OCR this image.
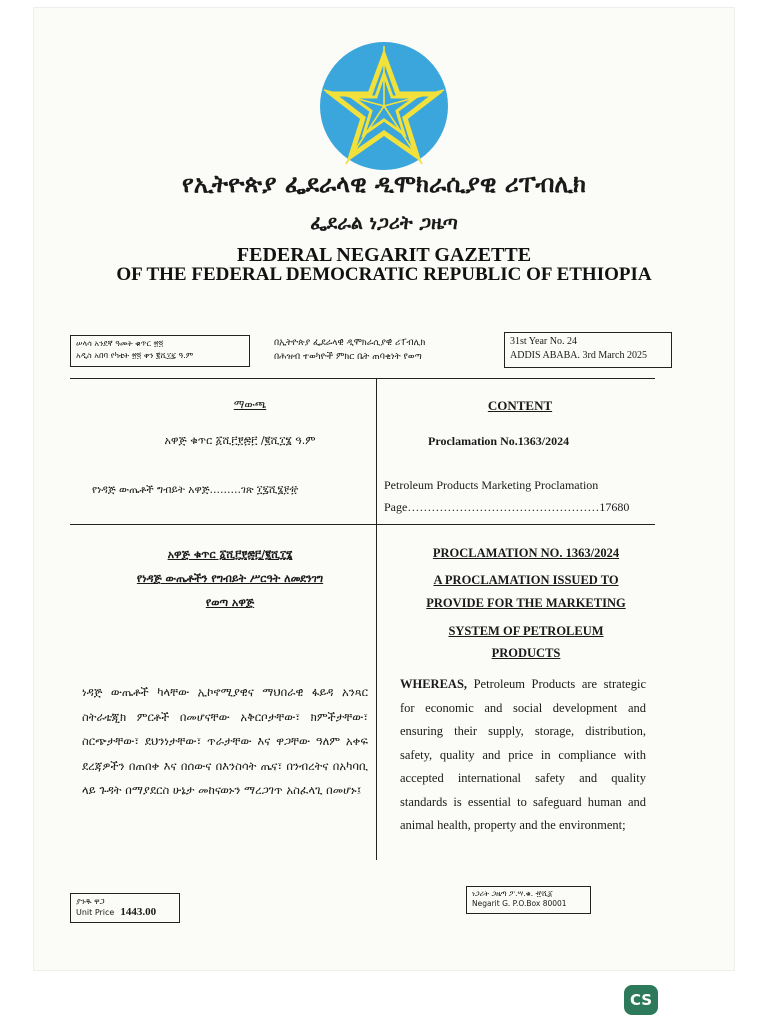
የኢትዮጵያ ፌደራላዊ ዲሞክራሲያዊ ሪፐብሊክ
ፌደራል ነጋሪት ጋዜጣ
FEDERAL NEGARIT GAZETTE
OF THE FEDERAL DEMOCRATIC REPUBLIC OF ETHIOPIA
ሠላሳ አንደኛ ዓመት ቁጥር ፳፬
አዲስ አበባ የካቲት ፳፬ ቀን ፪ሺ፲፯ ዓ.ም
በኢትዮጵያ ፌደራላዊ ዲሞክራሲያዊ ሪፐብሊክ
በሕዝብ ተወካዮች ምክር ቤት ጠባቂነት የወጣ
31st Year No. 24
ADDIS ABABA. 3rd March 2025
ማውጫ
አዋጅ ቁጥር ፩ሺ፫፻፷፫ /፪ሺ፲፮ ዓ.ም
የነዳጅ ውጤቶች ግብይት አዋጅ………ገጽ ፲፯ሺ፮፻፹
CONTENT
Proclamation No.1363/2024
Petroleum Products Marketing Proclamation
Page…………………………………………17680
አዋጅ ቁጥር ፩ሺ፫፻፷፫/፪ሺ፲፮
የነዳጅ ውጤቶችን የግብይት ሥርዓት ለመደንገግ
የወጣ አዋጅ
ነዳጅ ውጤቶች ካላቸው ኢኮኖሚያዊና ማህበራዊ ፋይዳ አንጻር ስትራቴጂክ ምርቶች በመሆናቸው አቅርቦታቸው፣ ክምችታቸው፣ ስርጭታቸው፣ ደህንነታቸው፣ ጥራታቸው እና ዋጋቸው ዓለም አቀፍ ደረጃዎችን በጠበቀ እና በሰውና በእንስሳት ጤና፣ በንብረትና በአካባቢ ላይ ጉዳት በማያደርስ ሁኔታ መከናወኑን ማረጋገጥ አስፈላጊ በመሆኑ፤
PROCLAMATION NO. 1363/2024
A PROCLAMATION ISSUED TO
PROVIDE FOR THE MARKETING
SYSTEM OF PETROLEUM
PRODUCTS
WHEREAS, Petroleum Products are strategic for economic and social development and ensuring their supply, storage, distribution, safety, quality and price in compliance with accepted international safety and quality standards is essential to safeguard human and animal health, property and the environment;
ያንዱ ዋጋ
Unit Price 1443.00
ነጋሪት ጋዜጣ ፖ.ሣ.ቁ. ፹ሺ፩
Negarit G. P.O.Box 80001
CS
